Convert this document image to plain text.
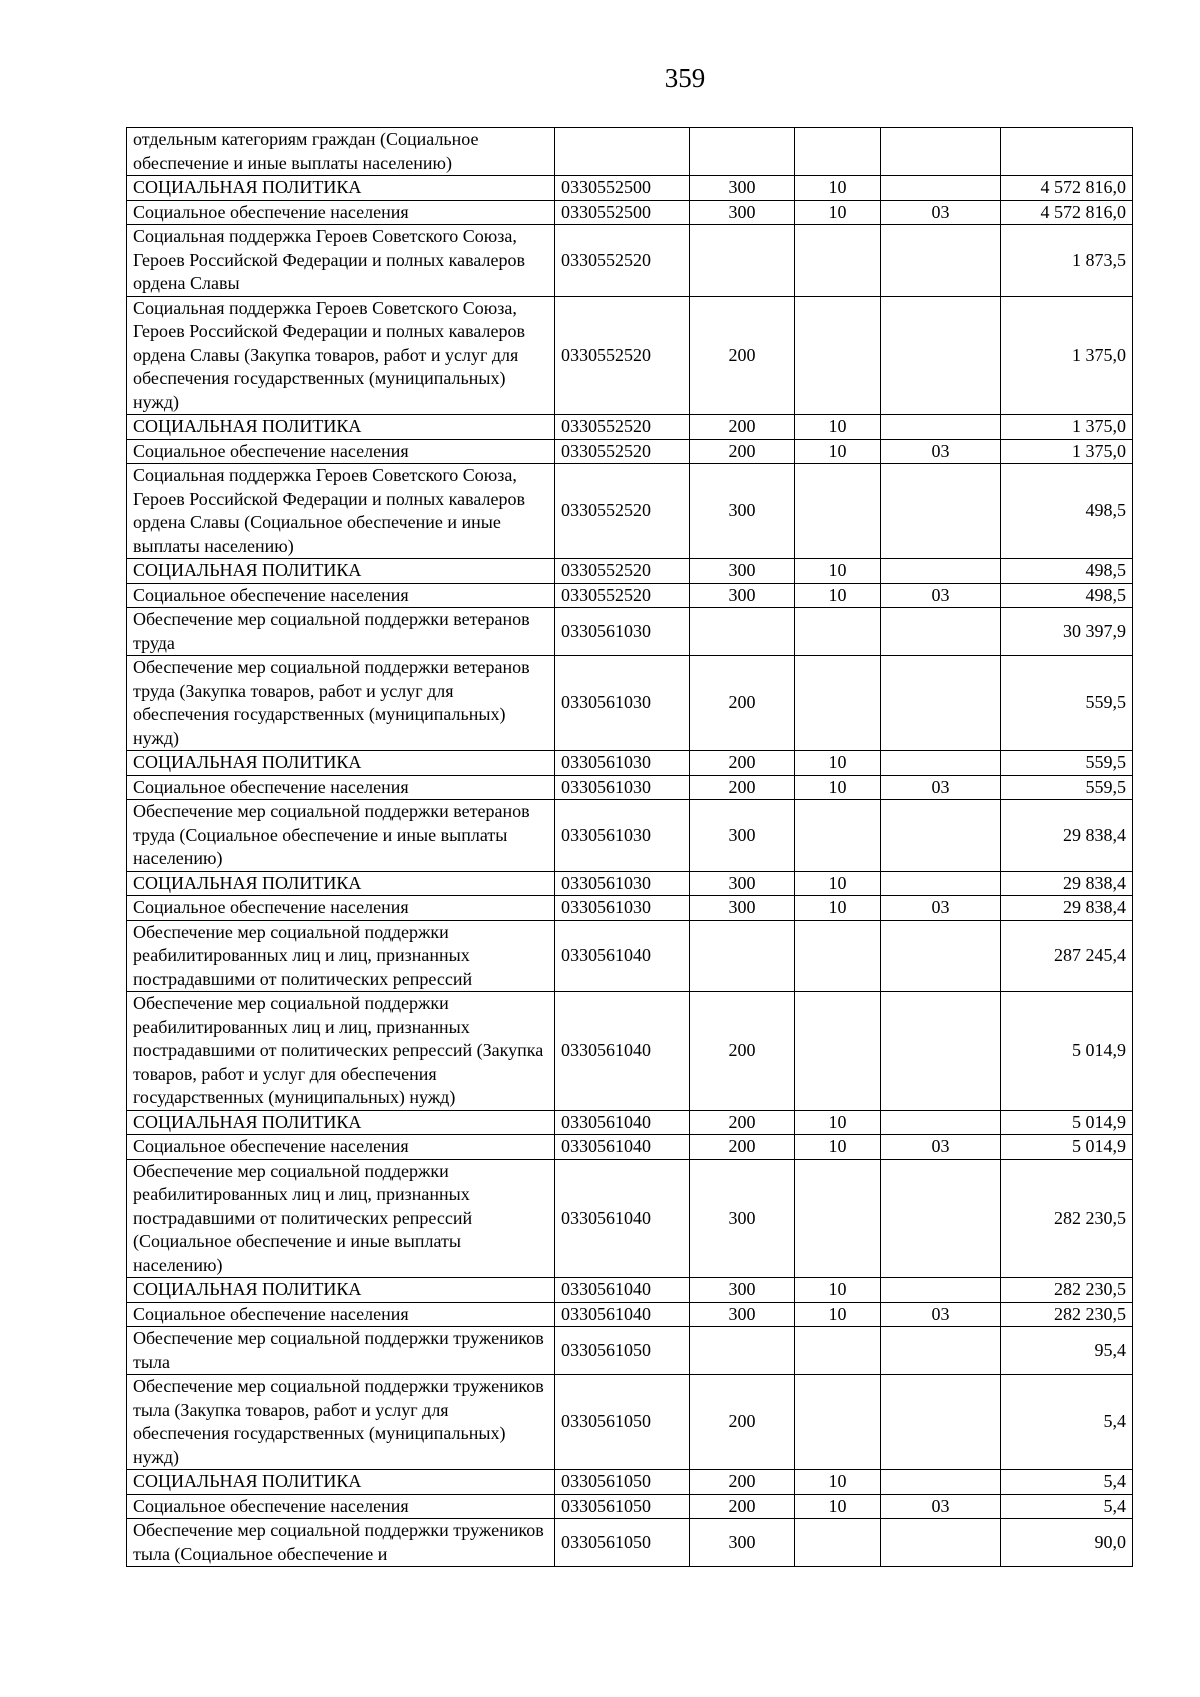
359
отдельным категориям граждан (Социальное обеспечение и иные выплаты населению)					
СОЦИАЛЬНАЯ ПОЛИТИКА	0330552500	300	10		4 572 816,0
Социальное обеспечение населения	0330552500	300	10	03	4 572 816,0
Социальная поддержка Героев Советского Союза, Героев Российской Федерации и полных кавалеров ордена Славы	0330552520				1 873,5
Социальная поддержка Героев Советского Союза, Героев Российской Федерации и полных кавалеров ордена Славы (Закупка товаров, работ и услуг для обеспечения государственных (муниципальных) нужд)	0330552520	200			1 375,0
СОЦИАЛЬНАЯ ПОЛИТИКА	0330552520	200	10		1 375,0
Социальное обеспечение населения	0330552520	200	10	03	1 375,0
Социальная поддержка Героев Советского Союза, Героев Российской Федерации и полных кавалеров ордена Славы (Социальное обеспечение и иные выплаты населению)	0330552520	300			498,5
СОЦИАЛЬНАЯ ПОЛИТИКА	0330552520	300	10		498,5
Социальное обеспечение населения	0330552520	300	10	03	498,5
Обеспечение мер социальной поддержки ветеранов труда	0330561030				30 397,9
Обеспечение мер социальной поддержки ветеранов труда (Закупка товаров, работ и услуг для обеспечения государственных (муниципальных) нужд)	0330561030	200			559,5
СОЦИАЛЬНАЯ ПОЛИТИКА	0330561030	200	10		559,5
Социальное обеспечение населения	0330561030	200	10	03	559,5
Обеспечение мер социальной поддержки ветеранов труда (Социальное обеспечение и иные выплаты населению)	0330561030	300			29 838,4
СОЦИАЛЬНАЯ ПОЛИТИКА	0330561030	300	10		29 838,4
Социальное обеспечение населения	0330561030	300	10	03	29 838,4
Обеспечение мер социальной поддержки реабилитированных лиц и лиц, признанных пострадавшими от политических репрессий	0330561040				287 245,4
Обеспечение мер социальной поддержки реабилитированных лиц и лиц, признанных пострадавшими от политических репрессий (Закупка товаров, работ и услуг для обеспечения государственных (муниципальных) нужд)	0330561040	200			5 014,9
СОЦИАЛЬНАЯ ПОЛИТИКА	0330561040	200	10		5 014,9
Социальное обеспечение населения	0330561040	200	10	03	5 014,9
Обеспечение мер социальной поддержки реабилитированных лиц и лиц, признанных пострадавшими от политических репрессий (Социальное обеспечение и иные выплаты населению)	0330561040	300			282 230,5
СОЦИАЛЬНАЯ ПОЛИТИКА	0330561040	300	10		282 230,5
Социальное обеспечение населения	0330561040	300	10	03	282 230,5
Обеспечение мер социальной поддержки тружеников тыла	0330561050				95,4
Обеспечение мер социальной поддержки тружеников тыла (Закупка товаров, работ и услуг для обеспечения государственных (муниципальных) нужд)	0330561050	200			5,4
СОЦИАЛЬНАЯ ПОЛИТИКА	0330561050	200	10		5,4
Социальное обеспечение населения	0330561050	200	10	03	5,4
Обеспечение мер социальной поддержки тружеников тыла (Социальное обеспечение и	0330561050	300			90,0
